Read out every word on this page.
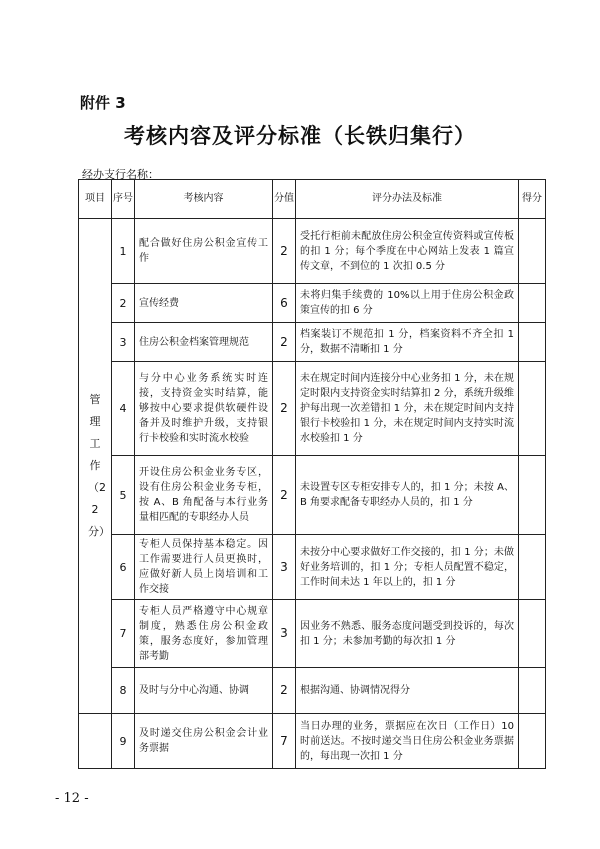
附件 3
考核内容及评分标准（长铁归集行）
经办支行名称：
项目	序号	考核内容	分值	评分办法及标准	得分

管理工作（22分）	1	配合做好住房公积金宣传工作	2	受托行柜前未配放住房公积金宣传资料或宣传板的扣 1 分；每个季度在中心网站上发表 1 篇宣传文章，不到位的 1 次扣 0.5 分	
	2	宣传经费	6	未将归集手续费的 10%以上用于住房公积金政策宣传的扣 6 分	
	3	住房公积金档案管理规范	2	档案装订不规范扣 1 分，档案资料不齐全扣 1 分，数据不清晰扣 1 分	
	4	与分中心业务系统实时连接，支持资金实时结算，能够按中心要求提供软硬件设备并及时维护升级，支持银行卡校验和实时流水校验	2	未在规定时间内连接分中心业务扣 1 分，未在规定时限内支持资金实时结算扣 2 分，系统升级维护每出现一次差错扣 1 分，未在规定时间内支持银行卡校验扣 1 分，未在规定时间内支持实时流水校验扣 1 分	
	5	开设住房公积金业务专区，设有住房公积金业务专柜，按 A、B 角配备与本行业务量相匹配的专职经办人员	2	未设置专区专柜安排专人的，扣 1 分；未按 A、B 角要求配备专职经办人员的，扣 1 分	
	6	专柜人员保持基本稳定。因工作需要进行人员更换时，应做好新人员上岗培训和工作交接	3	未按分中心要求做好工作交接的，扣 1 分；未做好业务培训的，扣 1 分；专柜人员配置不稳定，工作时间未达 1 年以上的，扣 1 分	
	7	专柜人员严格遵守中心规章制度，熟悉住房公积金政策，服务态度好，参加管理部考勤	3	因业务不熟悉、服务态度问题受到投诉的，每次扣 1 分；未参加考勤的每次扣 1 分	
	8	及时与分中心沟通、协调	2	根据沟通、协调情况得分	
	9	及时递交住房公积金会计业务票据	7	当日办理的业务，票据应在次日（工作日）10 时前送达。不按时递交当日住房公积金业务票据的，每出现一次扣 1 分	
- 12 -
